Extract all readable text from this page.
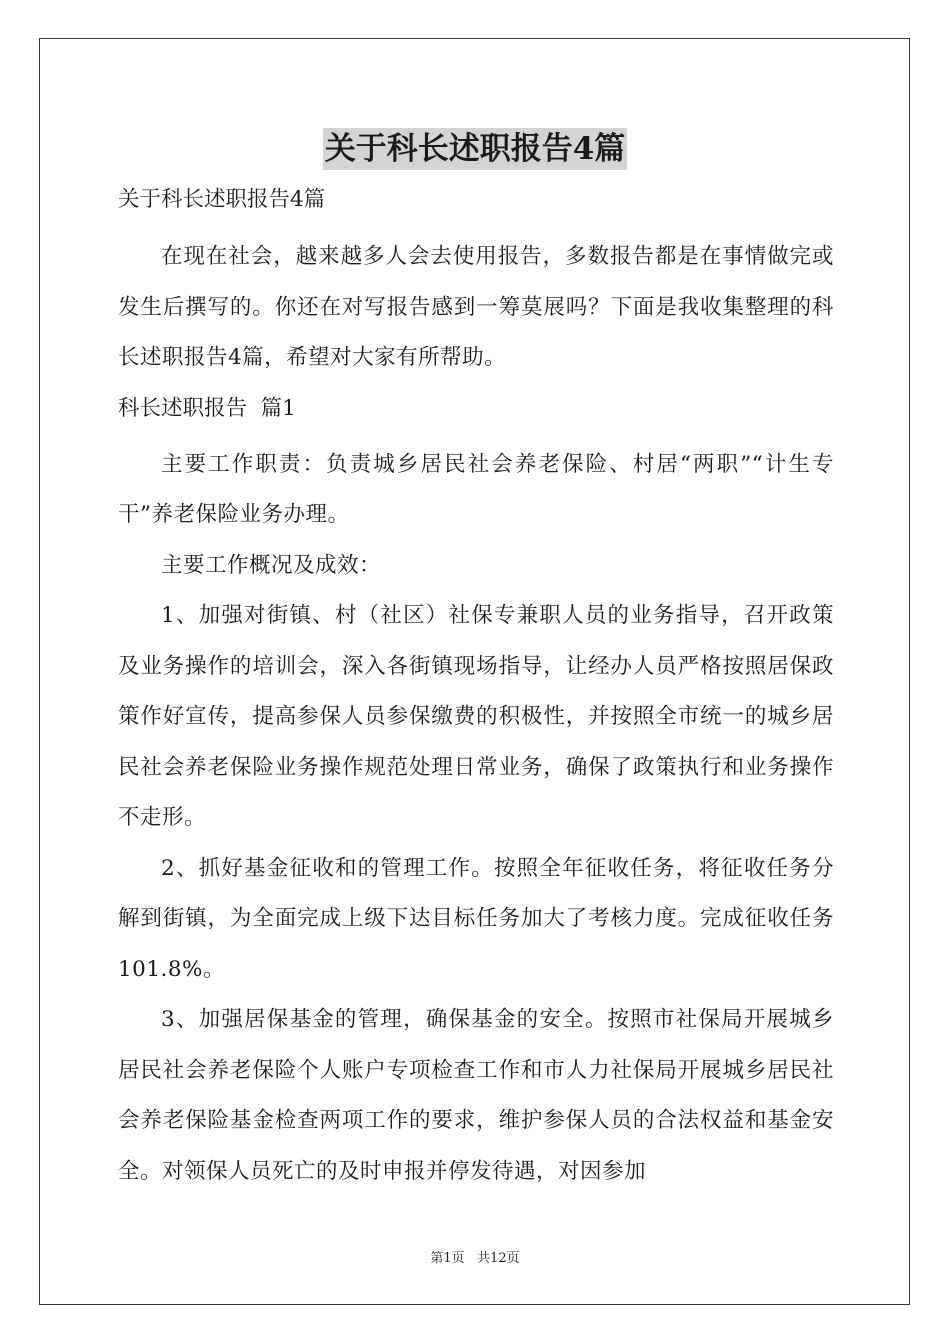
关于科长述职报告4篇
关于科长述职报告4篇

在现在社会，越来越多人会去使用报告，多数报告都是在事情做完或发生后撰写的。你还在对写报告感到一筹莫展吗？下面是我收集整理的科长述职报告4篇，希望对大家有所帮助。

科长述职报告  篇1

主要工作职责：负责城乡居民社会养老保险、村居“两职”“计生专干”养老保险业务办理。

主要工作概况及成效：

1、加强对街镇、村（社区）社保专兼职人员的业务指导，召开政策及业务操作的培训会，深入各街镇现场指导，让经办人员严格按照居保政策作好宣传，提高参保人员参保缴费的积极性，并按照全市统一的城乡居民社会养老保险业务操作规范处理日常业务，确保了政策执行和业务操作不走形。

2、抓好基金征收和的管理工作。按照全年征收任务，将征收任务分解到街镇，为全面完成上级下达目标任务加大了考核力度。完成征收任务101.8%。

3、加强居保基金的管理，确保基金的安全。按照市社保局开展城乡居民社会养老保险个人账户专项检查工作和市人力社保局开展城乡居民社会养老保险基金检查两项工作的要求，维护参保人员的合法权益和基金安全。对领保人员死亡的及时申报并停发待遇，对因参加

第1页   共12页
